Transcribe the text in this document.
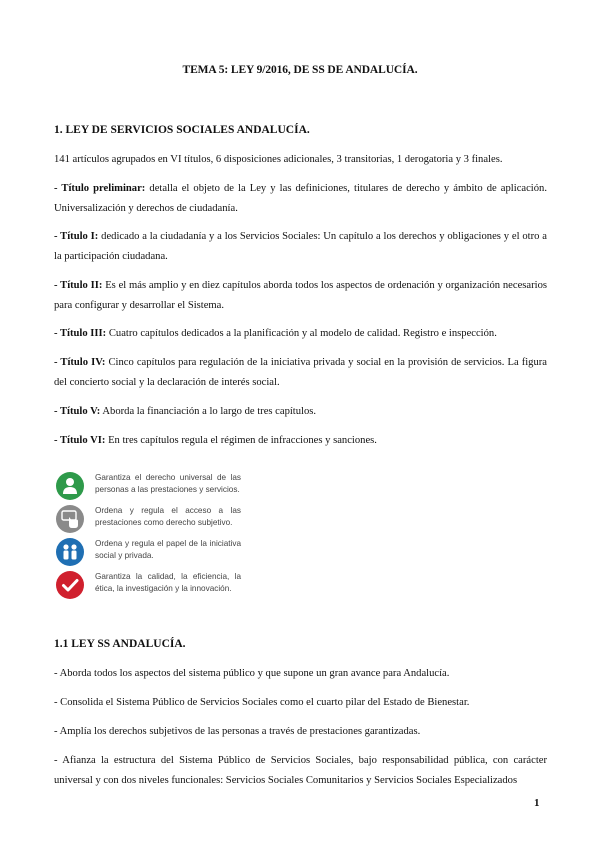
TEMA 5: LEY 9/2016, DE SS DE ANDALUCÍA.
1. LEY DE SERVICIOS SOCIALES ANDALUCÍA.
141 artículos agrupados en VI títulos, 6 disposiciones adicionales, 3 transitorias, 1 derogatoria y 3 finales.
- Título preliminar: detalla el objeto de la Ley y las definiciones, titulares de derecho y ámbito de aplicación. Universalización y derechos de ciudadanía.
- Título I: dedicado a la ciudadanía y a los Servicios Sociales: Un capítulo a los derechos y obligaciones y el otro a la participación ciudadana.
- Título II: Es el más amplio y en diez capítulos aborda todos los aspectos de ordenación y organización necesarios para configurar y desarrollar el Sistema.
- Título III: Cuatro capítulos dedicados a la planificación y al modelo de calidad. Registro e inspección.
- Título IV: Cinco capítulos para regulación de la iniciativa privada y social en la provisión de servicios. La figura del concierto social y la declaración de interés social.
- Título V: Aborda la financiación a lo largo de tres capítulos.
- Título VI: En tres capítulos regula el régimen de infracciones y sanciones.
Garantiza el derecho universal de las personas a las prestaciones y servicios.
Ordena y regula el acceso a las prestaciones como derecho subjetivo.
Ordena y regula el papel de la iniciativa social y privada.
Garantiza la calidad, la eficiencia, la ética, la investigación y la innovación.
1.1 LEY SS ANDALUCÍA.
- Aborda todos los aspectos del sistema público y que supone un gran avance para Andalucía.
- Consolida el Sistema Público de Servicios Sociales como el cuarto pilar del Estado de Bienestar.
- Amplía los derechos subjetivos de las personas a través de prestaciones garantizadas.
- Afianza la estructura del Sistema Público de Servicios Sociales, bajo responsabilidad pública, con carácter universal y con dos niveles funcionales: Servicios Sociales Comunitarios y Servicios Sociales Especializados
1
